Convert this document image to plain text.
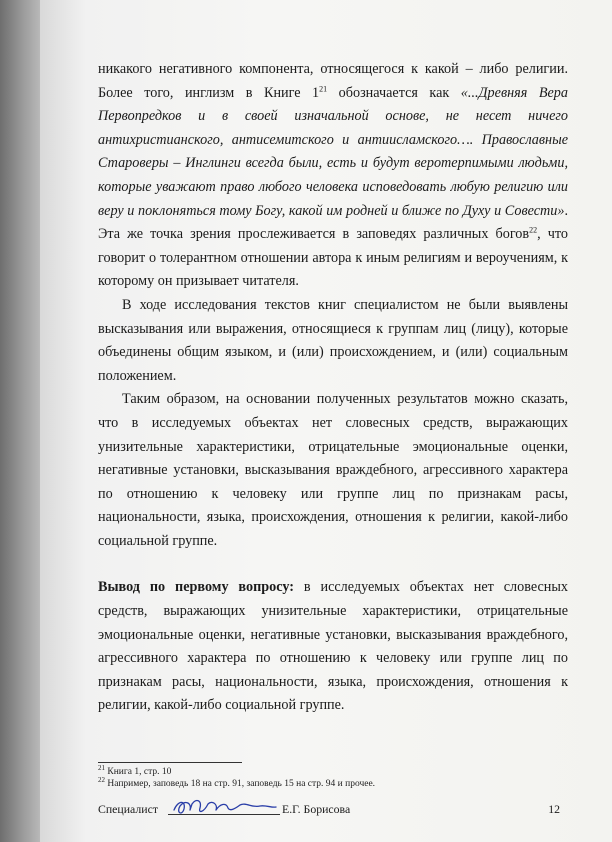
никакого негативного компонента, относящегося к какой – либо религии. Более того, инглизм в Книге $1^{21}$ обозначается как «...Древняя Вера Первопредков и в своей изначальной основе, не несет ничего антихристианского, антисемитского и антиисламского…. Православные Староверы – Инглинги всегда были, есть и будут веротерпимыми людьми, которые уважают право любого человека исповедовать любую религию или веру и поклоняться тому Богу, какой им родней и ближе по Духу и Совести». Эта же точка зрения прослеживается в заповедях различных богов$^{22}$, что говорит о толерантном отношении автора к иным религиям и вероучениям, к которому он призывает читателя.

В ходе исследования текстов книг специалистом не были выявлены высказывания или выражения, относящиеся к группам лиц (лицу), которые объединены общим языком, и (или) происхождением, и (или) социальным положением.

Таким образом, на основании полученных результатов можно сказать, что в исследуемых объектах нет словесных средств, выражающих унизительные характеристики, отрицательные эмоциональные оценки, негативные установки, высказывания враждебного, агрессивного характера по отношению к человеку или группе лиц по признакам расы, национальности, языка, происхождения, отношения к религии, какой-либо социальной группе.

Вывод по первому вопросу: в исследуемых объектах нет словесных средств, выражающих унизительные характеристики, отрицательные эмоциональные оценки, негативные установки, высказывания враждебного, агрессивного характера по отношению к человеку или группе лиц по признакам расы, национальности, языка, происхождения, отношения к религии, какой-либо социальной группе.

$^{21}$ Книга 1, стр. 10
$^{22}$ Например, заповедь 18 на стр. 91, заповедь 15 на стр. 94 и прочее.
Специалист	Е.Г. Борисова	12
